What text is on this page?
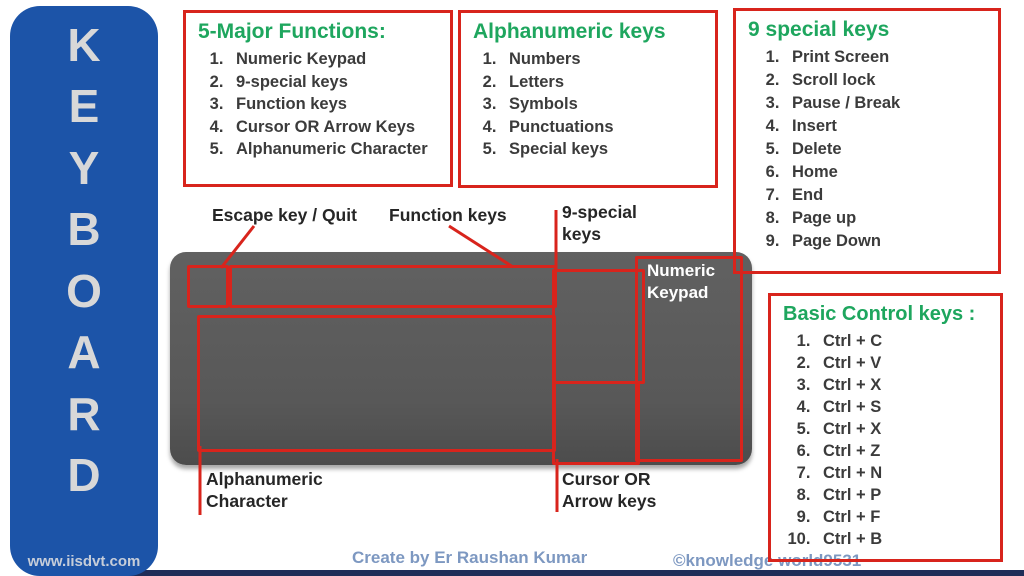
K
E
Y
B
O
A
R
D
www.iisdvt.com
5-Major Functions:
1. Numeric Keypad
2. 9-special keys
3. Function keys
4. Cursor OR Arrow Keys
5. Alphanumeric Character
Alphanumeric keys
1. Numbers
2. Letters
3. Symbols
4. Punctuations
5. Special keys
9 special keys
1. Print Screen
2. Scroll lock
3. Pause / Break
4. Insert
5. Delete
6. Home
7. End
8. Page up
9. Page Down
Basic Control keys :
1. Ctrl + C
2. Ctrl + V
3. Ctrl + X
4. Ctrl + S
5. Ctrl + X
6. Ctrl + Z
7. Ctrl + N
8. Ctrl + P
9. Ctrl + F
10. Ctrl + B
Numeric Keypad
Escape key / Quit Function keys	9-special keys
Alphanumeric Character
Cursor OR Arrow keys
Create by Er Raushan Kumar	©knowledge world9531
